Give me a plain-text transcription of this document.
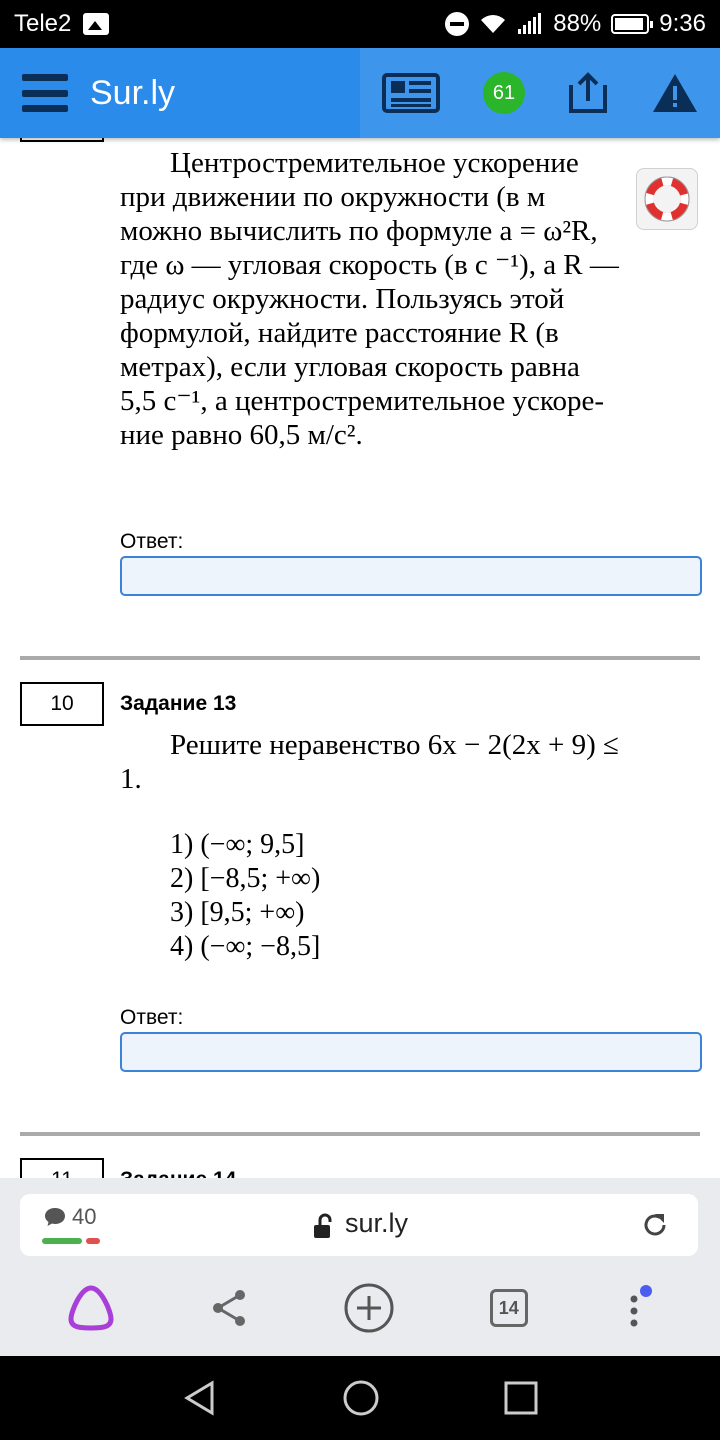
Tele2	88% 9:36
Sur.ly	61
Центростремительное ускорение
при движении по окружности (в м
можно вычислить по формуле a = ω²R,
где ω — угловая скорость (в с ⁻¹), а R —
радиус окружности. Пользуясь этой
формулой, найдите расстояние R (в
метрах), если угловая скорость равна
5,5 с⁻¹, а центростремительное ускоре-
ние равно 60,5 м/с².
Ответ:
10	Задание 13
Решите неравенство 6x − 2(2x + 9) ≤
1.
1) (−∞; 9,5]
2) [−8,5; +∞)
3) [9,5; +∞)
4) (−∞; −8,5]
Ответ:
40	sur.ly
14
